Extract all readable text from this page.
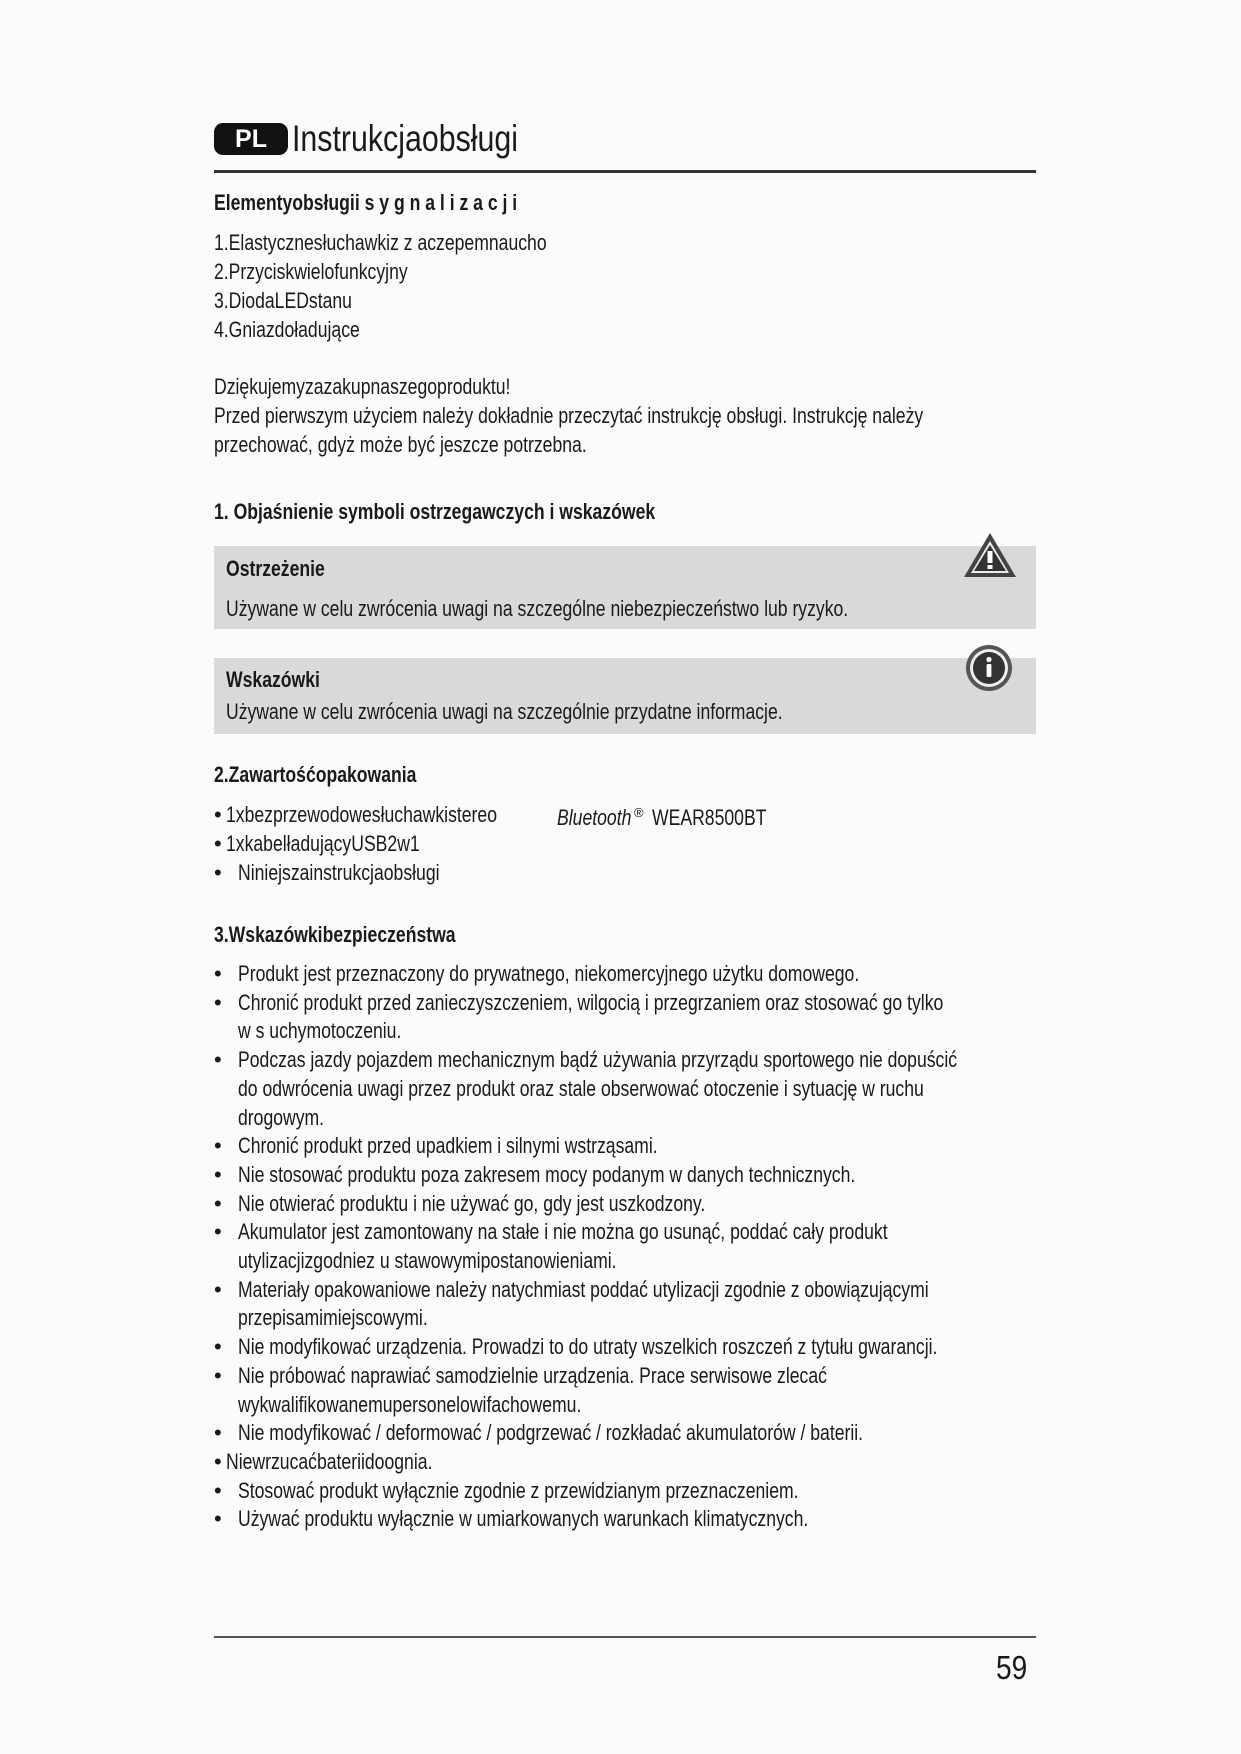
PL Instrukcjaobsługi
Elementyobsługii s y g n a l i z a c j i
1.Elastycznesłuchawkiz z aczepemnaucho
2.Przyciskwielofunkcyjny
3.DiodaLEDstanu
4.Gniazdoładujące
Dziękujemyzazakupnaszegoproduktu!
Przed pierwszym użyciem należy dokładnie przeczytać instrukcję obsługi. Instrukcję należy
przechować, gdyż może być jeszcze potrzebna.
1. Objaśnienie symboli ostrzegawczych i wskazówek
Ostrzeżenie
Używane w celu zwrócenia uwagi na szczególne niebezpieczeństwo lub ryzyko.
Wskazówki
Używane w celu zwrócenia uwagi na szczególnie przydatne informacje.
2.Zawartośćopakowania
• 1xbezprzewodowesłuchawkistereo	Bluetooth ® WEAR8500BT
• 1xkabelładującyUSB2w1
• Niniejszainstrukcjaobsługi
3.Wskazówkibezpieczeństwa
• Produkt jest przeznaczony do prywatnego, niekomercyjnego użytku domowego.
• Chronić produkt przed zanieczyszczeniem, wilgocią i przegrzaniem oraz stosować go tylko
w s uchymotoczeniu.
• Podczas jazdy pojazdem mechanicznym bądź używania przyrządu sportowego nie dopuścić
do odwrócenia uwagi przez produkt oraz stale obserwować otoczenie i sytuację w ruchu
drogowym.
• Chronić produkt przed upadkiem i silnymi wstrząsami.
• Nie stosować produktu poza zakresem mocy podanym w danych technicznych.
• Nie otwierać produktu i nie używać go, gdy jest uszkodzony.
• Akumulator jest zamontowany na stałe i nie można go usunąć, poddać cały produkt
utylizacjizgodniez u stawowymipostanowieniami.
• Materiały opakowaniowe należy natychmiast poddać utylizacji zgodnie z obowiązującymi
przepisamimiejscowymi.
• Nie modyfikować urządzenia. Prowadzi to do utraty wszelkich roszczeń z tytułu gwarancji.
• Nie próbować naprawiać samodzielnie urządzenia. Prace serwisowe zlecać
wykwalifikowanemupersonelowifachowemu.
• Nie modyfikować / deformować / podgrzewać / rozkładać akumulatorów / baterii.
• Niewrzucaćbateriidoognia.
• Stosować produkt wyłącznie zgodnie z przewidzianym przeznaczeniem.
• Używać produktu wyłącznie w umiarkowanych warunkach klimatycznych.
59
